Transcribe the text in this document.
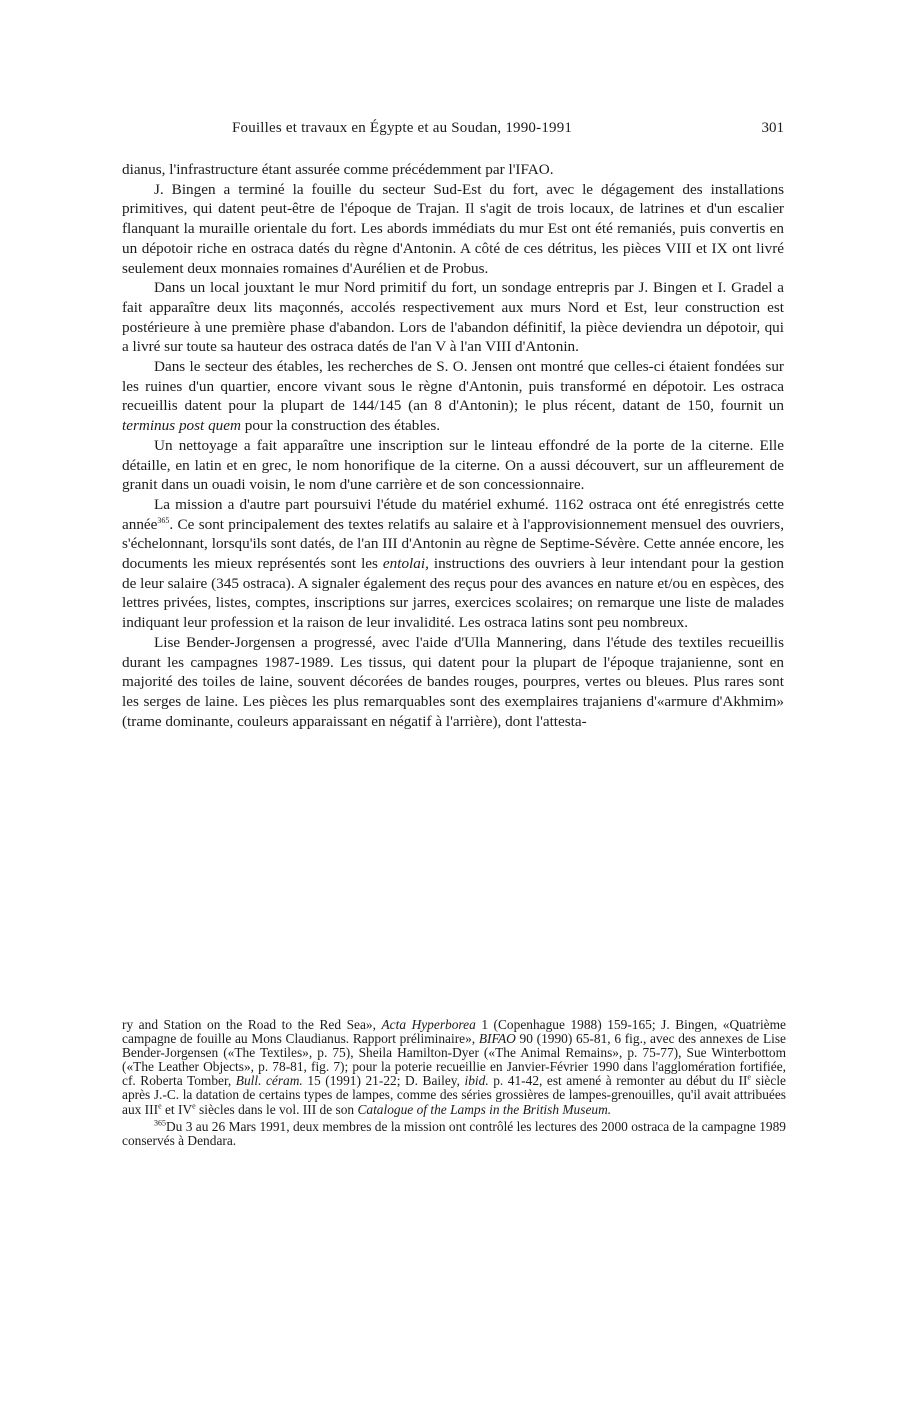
Fouilles et travaux en Égypte et au Soudan, 1990-1991	301

dianus, l'infrastructure étant assurée comme précédemment par l'IFAO.

J. Bingen a terminé la fouille du secteur Sud-Est du fort, avec le dégagement des installations primitives, qui datent peut-être de l'époque de Trajan. Il s'agit de trois locaux, de latrines et d'un escalier flanquant la muraille orientale du fort. Les abords immédiats du mur Est ont été remaniés, puis convertis en un dépotoir riche en ostraca datés du règne d'Antonin. A côté de ces détritus, les pièces VIII et IX ont livré seulement deux monnaies romaines d'Aurélien et de Probus.

Dans un local jouxtant le mur Nord primitif du fort, un sondage entrepris par J. Bingen et I. Gradel a fait apparaître deux lits maçonnés, accolés respectivement aux murs Nord et Est, leur construction est postérieure à une première phase d'abandon. Lors de l'abandon définitif, la pièce deviendra un dépotoir, qui a livré sur toute sa hauteur des ostraca datés de l'an V à l'an VIII d'Antonin.

Dans le secteur des étables, les recherches de S. O. Jensen ont montré que celles-ci étaient fondées sur les ruines d'un quartier, encore vivant sous le règne d'Antonin, puis transformé en dépotoir. Les ostraca recueillis datent pour la plupart de 144/145 (an 8 d'Antonin); le plus récent, datant de 150, fournit un terminus post quem pour la construction des étables.

Un nettoyage a fait apparaître une inscription sur le linteau effondré de la porte de la citerne. Elle détaille, en latin et en grec, le nom honorifique de la citerne. On a aussi découvert, sur un affleurement de granit dans un ouadi voisin, le nom d'une carrière et de son concessionnaire.

La mission a d'autre part poursuivi l'étude du matériel exhumé. 1162 ostraca ont été enregistrés cette année$^{365}$. Ce sont principalement des textes relatifs au salaire et à l'approvisionnement mensuel des ouvriers, s'échelonnant, lorsqu'ils sont datés, de l'an III d'Antonin au règne de Septime-Sévère. Cette année encore, les documents les mieux représentés sont les entolai, instructions des ouvriers à leur intendant pour la gestion de leur salaire (345 ostraca). A signaler également des reçus pour des avances en nature et/ou en espèces, des lettres privées, listes, comptes, inscriptions sur jarres, exercices scolaires; on remarque une liste de malades indiquant leur profession et la raison de leur invalidité. Les ostraca latins sont peu nombreux.

Lise Bender-Jorgensen a progressé, avec l'aide d'Ulla Mannering, dans l'étude des textiles recueillis durant les campagnes 1987-1989. Les tissus, qui datent pour la plupart de l'époque trajanienne, sont en majorité des toiles de laine, souvent décorées de bandes rouges, pourpres, vertes ou bleues. Plus rares sont les serges de laine. Les pièces les plus remarquables sont des exemplaires trajaniens d'«armure d'Akhmim» (trame dominante, couleurs apparaissant en négatif à l'arrière), dont l'attesta-

ry and Station on the Road to the Red Sea», Acta Hyperborea 1 (Copenhague 1988) 159-165; J. Bingen, «Quatrième campagne de fouille au Mons Claudianus. Rapport préliminaire», BIFAO 90 (1990) 65-81, 6 fig., avec des annexes de Lise Bender-Jorgensen («The Textiles», p. 75), Sheila Hamilton-Dyer («The Animal Remains», p. 75-77), Sue Winterbottom («The Leather Objects», p. 78-81, fig. 7); pour la poterie recueillie en Janvier-Février 1990 dans l'agglomération fortifiée, cf. Roberta Tomber, Bull. céram. 15 (1991) 21-22; D. Bailey, ibid. p. 41-42, est amené à remonter au début du IIe siècle après J.-C. la datation de certains types de lampes, comme des séries grossières de lampes-grenouilles, qu'il avait attribuées aux IIIe et IVe siècles dans le vol. III de son Catalogue of the Lamps in the British Museum.

$^{365}$Du 3 au 26 Mars 1991, deux membres de la mission ont contrôlé les lectures des 2000 ostraca de la campagne 1989 conservés à Dendara.
